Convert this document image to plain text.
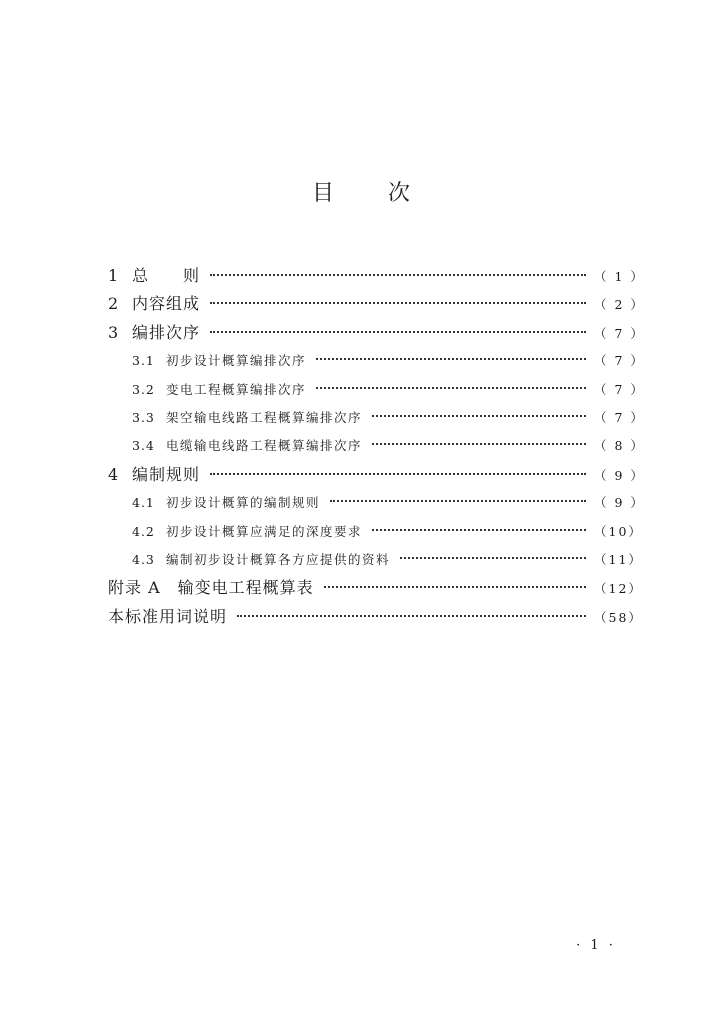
目 次
1 总　　则	（ 1 ）
2 内容组成	（ 2 ）
3 编排次序	（ 7 ）
3.1 初步设计概算编排次序	（ 7 ）
3.2 变电工程概算编排次序	（ 7 ）
3.3 架空输电线路工程概算编排次序	（ 7 ）
3.4 电缆输电线路工程概算编排次序	（ 8 ）
4 编制规则	（ 9 ）
4.1 初步设计概算的编制规则	（ 9 ）
4.2 初步设计概算应满足的深度要求	（10）
4.3 编制初步设计概算各方应提供的资料	（11）
附录 A　输变电工程概算表	（12）
本标准用词说明	（58）
· 1 ·
